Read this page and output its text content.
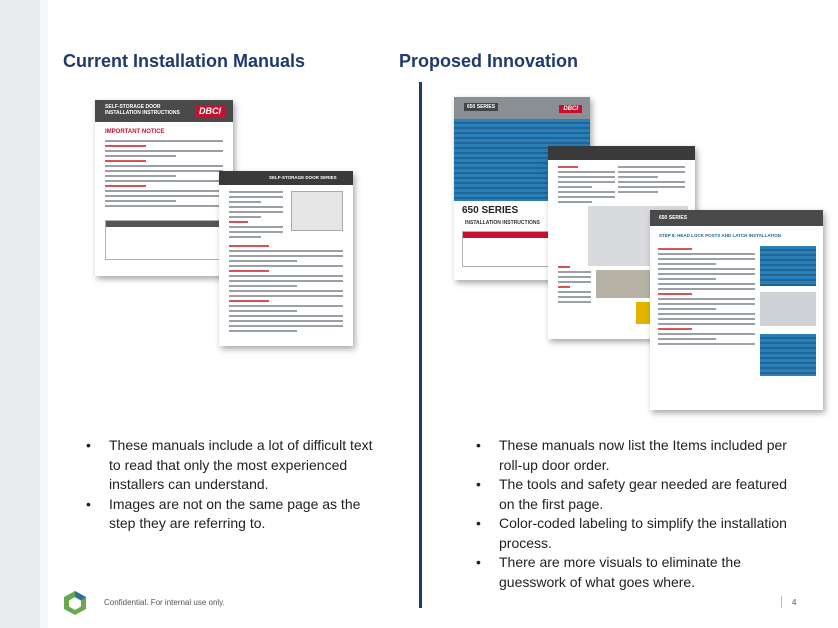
Current Installation Manuals	Proposed Innovation
SELF-STORAGE DOOR INSTALLATION INSTRUCTIONS	DBCI
IMPORTANT NOTICE
SELF-STORAGE DOOR SERIES
650 SERIES	DBCI
650 SERIES
INSTALLATION INSTRUCTIONS
650 SERIES
STEP 8: HEAD LOCK POSTS AND LATCH INSTALLATION
• These manuals include a lot of difficult text to read that only the most experienced installers can understand.
• Images are not on the same page as the step they are referring to.
• These manuals now list the Items included per roll-up door order.
• The tools and safety gear needed are featured on the first page.
• Color-coded labeling to simplify the installation process.
• There are more visuals to eliminate the guesswork of what goes where.
Confidential. For internal use only.	4
